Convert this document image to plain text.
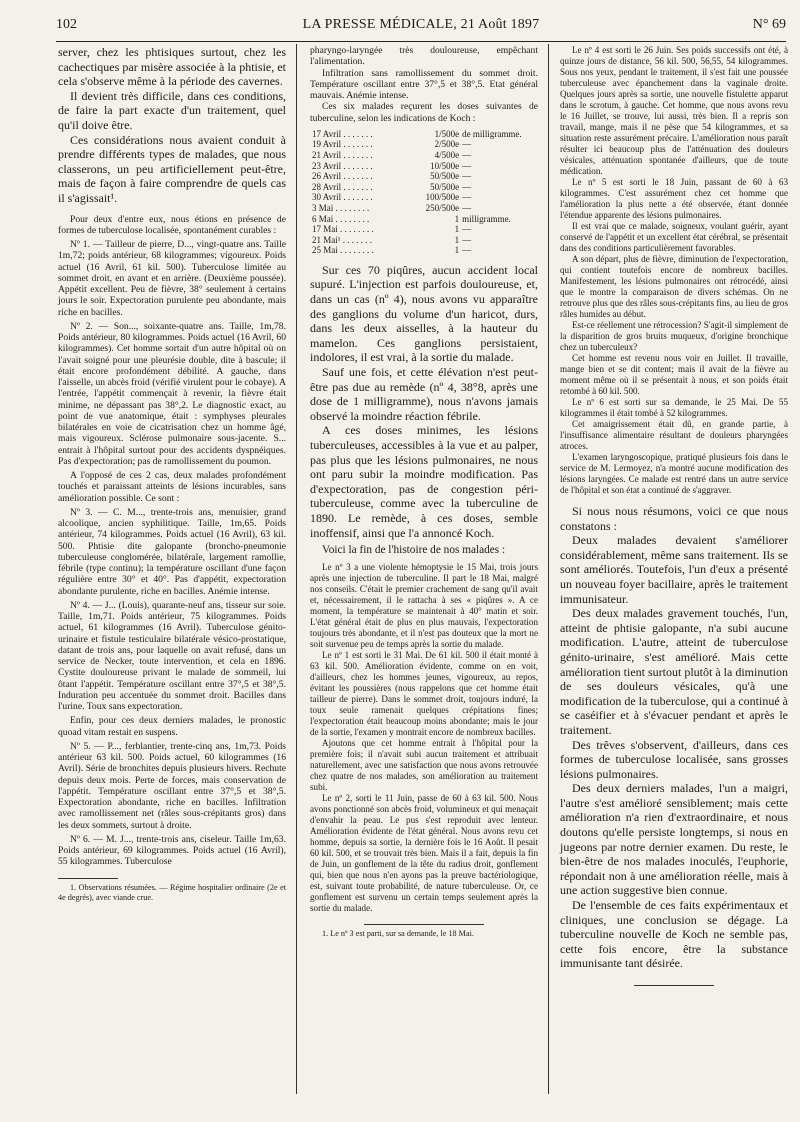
102	LA PRESSE MÉDICALE, 21 Août 1897	N° 69

server, chez les phtisiques surtout, chez les cachectiques par misère associée à la phtisie, et cela s'observe même à la période des cavernes.

Il devient très difficile, dans ces conditions, de faire la part exacte d'un traitement, quel qu'il doive être.

Ces considérations nous avaient conduit à prendre différents types de malades, que nous classerons, un peu artificiellement peut-être, mais de façon à faire comprendre de quels cas il s'agissait¹.

Pour deux d'entre eux, nous étions en présence de formes de tuberculose localisée, spontanément curables :

Nº 1. — Tailleur de pierre, D..., vingt-quatre ans. Taille 1m,72; poids antérieur, 68 kilogrammes; vigoureux. Poids actuel (16 Avril, 61 kil. 500). Tuberculose limitée au sommet droit, en avant et en arrière. (Deuxième poussée). Appétit excellent. Peu de fièvre, 38° seulement à certains jours le soir. Expectoration purulente peu abondante, mais riche en bacilles.

Nº 2. — Son..., soixante-quatre ans. Taille, 1m,78. Poids antérieur, 80 kilogrammes. Poids actuel (16 Avril, 60 kilogrammes). Cet homme sortait d'un autre hôpital où on l'avait soigné pour une pleurésie double, dite à bascule; il était encore profondément débilité. A gauche, dans l'aisselle, un abcès froid (vérifié virulent pour le cobaye). A l'entrée, l'appétit commençait à revenir, la fièvre était minime, ne dépassant pas 38°,2. Le diagnostic exact, au point de vue anatomique, était : symphyses pleurales bilatérales en voie de cicatrisation chez un homme âgé, mais vigoureux. Sclérose pulmonaire sous-jacente. S... entrait à l'hôpital surtout pour des accidents dyspnéiques. Pas d'expectoration; pas de ramollissement du poumon.

A l'opposé de ces 2 cas, deux malades profondément touchés et paraissant atteints de lésions incurables, sans amélioration possible. Ce sont :

Nº 3. — C. M..., trente-trois ans, menuisier, grand alcoolique, ancien syphilitique. Taille, 1m,65. Poids antérieur, 74 kilogrammes. Poids actuel (16 Avril), 63 kil. 500. Phtisie dite galopante (broncho-pneumonie tuberculeuse conglomérée, bilatérale, largement ramollie, fébrile (type continu); la température oscillant d'une façon régulière entre 30° et 40°. Pas d'appétit, expectoration abondante purulente, riche en bacilles. Anémie intense.

Nº 4. — J... (Louis), quarante-neuf ans, tisseur sur soie. Taille, 1m,71. Poids antérieur, 75 kilogrammes. Poids actuel, 61 kilogrammes (16 Avril). Tuberculose génito-urinaire et fistule testiculaire bilatérale vésico-prostatique, datant de trois ans, pour laquelle on avait refusé, dans un service de Necker, toute intervention, et cela en 1896. Cystite douloureuse privant le malade de sommeil, lui ôtant l'appétit. Température oscillant entre 37°,5 et 38°,5. Induration peu accentuée du sommet droit. Bacilles dans l'urine. Toux sans expectoration.

Enfin, pour ces deux derniers malades, le pronostic quoad vitam restait en suspens.

Nº 5. — P..., ferblantier, trente-cinq ans, 1m,73. Poids antérieur 63 kil. 500. Poids actuel, 60 kilogrammes (16 Avril). Série de bronchites depuis plusieurs hivers. Rechute depuis deux mois. Perte de forces, mais conservation de l'appétit. Température oscillant entre 37°,5 et 38°,5. Expectoration abondante, riche en bacilles. Infiltration avec ramollissement net (râles sous-crépitants gros) dans les deux sommets, surtout à droite.

Nº 6. — M. J..., trente-trois ans, ciseleur. Taille 1m,63. Poids antérieur, 69 kilogrammes. Poids actuel (16 Avril), 55 kilogrammes. Tuberculose

1. Observations résumées. — Régime hospitalier ordinaire (2e et 4e degrés), avec viande crue.

pharyngo-laryngée très douloureuse, empêchant l'alimentation.

Infiltration sans ramollissement du sommet droit. Température oscillant entre 37°,5 et 38°,5. Etat général mauvais. Anémie intense.

Ces six malades reçurent les doses suivantes de tuberculine, selon les indications de Koch :

17 Avril . . . . . . .	1/500e	de milligramme.
19 Avril . . . . . . .	2/500e	—
21 Avril . . . . . . .	4/500e	—
23 Avril . . . . . . .	10/500e	—
26 Avril . . . . . . .	50/500e	—
28 Avril . . . . . . .	50/500e	—
30 Avril . . . . . . .	100/500e	—
3 Mai . . . . . . . .	250/500e	—
6 Mai . . . . . . . .	1	milligramme.
17 Mai . . . . . . . .	1	—
21 Mai¹ . . . . . . .	1	—
25 Mai . . . . . . . .	1	—

Sur ces 70 piqûres, aucun accident local supuré. L'injection est parfois douloureuse, et, dans un cas (nº 4), nous avons vu apparaître des ganglions du volume d'un haricot, durs, dans les deux aisselles, à la hauteur du mamelon. Ces ganglions persistaient, indolores, il est vrai, à la sortie du malade.

Sauf une fois, et cette élévation n'est peut-être pas due au remède (nº 4, 38°8, après une dose de 1 milligramme), nous n'avons jamais observé la moindre réaction fébrile.

A ces doses minimes, les lésions tuberculeuses, accessibles à la vue et au palper, pas plus que les lésions pulmonaires, ne nous ont paru subir la moindre modification. Pas d'expectoration, pas de congestion péri-tuberculeuse, comme avec la tuberculine de 1890. Le remède, à ces doses, semble inoffensif, ainsi que l'a annoncé Koch.

Voici la fin de l'histoire de nos malades :

Le nº 3 a une violente hémoptysie le 15 Mai, trois jours après une injection de tuberculine. Il part le 18 Mai, malgré nos conseils. C'était le premier crachement de sang qu'il avait et, nécessairement, il le rattacha à ses « piqûres ». A ce moment, la température se maintenait à 40° matin et soir. L'état général était de plus en plus mauvais, l'expectoration toujours très abondante, et il n'est pas douteux que la mort ne soit survenue peu de temps après la sortie du malade.

Le nº 1 est sorti le 31 Mai. De 61 kil. 500 il était monté à 63 kil. 500. Amélioration évidente, comme on en voit, d'ailleurs, chez les hommes jeunes, vigoureux, au repos, évitant les poussières (nous rappelons que cet homme était tailleur de pierre). Dans le sommet droit, toujours induré, la toux seule ramenait quelques crépitations fines; l'expectoration était beaucoup moins abondante; mais le jour de la sortie, l'examen y montrait encore de nombreux bacilles.

Ajoutons que cet homme entrait à l'hôpital pour la première fois; il n'avait subi aucun traitement et attribuait naturellement, avec une satisfaction que nous avons retrouvée chez quatre de nos malades, son amélioration au traitement subi.

Le nº 2, sorti le 11 Juin, passe de 60 à 63 kil. 500. Nous avons ponctionné son abcès froid, volumineux et qui menaçait d'envahir la peau. Le pus s'est reproduit avec lenteur. Amélioration évidente de l'état général. Nous avons revu cet homme, depuis sa sortie, la dernière fois le 16 Août. Il pesait 60 kil. 500, et se trouvait très bien. Mais il a fait, depuis la fin de Juin, un gonflement de la tête du radius droit, gonflement qui, bien que nous n'en ayons pas la preuve bactériologique, est, suivant toute probabilité, de nature tuberculeuse. Or, ce gonflement est survenu un certain temps seulement après la sortie du malade.

1. Le nº 3 est parti, sur sa demande, le 18 Mai.

Le nº 4 est sorti le 26 Juin. Ses poids successifs ont été, à quinze jours de distance, 56 kil. 500, 56,55, 54 kilogrammes. Sous nos yeux, pendant le traitement, il s'est fait une poussée tuberculeuse avec épanchement dans la vaginale droite. Quelques jours après sa sortie, une nouvelle fistulette apparut dans le scrotum, à gauche. Cet homme, que nous avons revu le 16 Juillet, se trouve, lui aussi, très bien. Il a repris son travail, mange, mais il ne pèse que 54 kilogrammes, et sa situation reste assurément précaire. L'amélioration nous paraît résulter ici beaucoup plus de l'atténuation des douleurs vésicales, atténuation spontanée d'ailleurs, que de toute médication.

Le nº 5 est sorti le 18 Juin, passant de 60 à 63 kilogrammes. C'est assurément chez cet homme que l'amélioration la plus nette a été observée, étant donnée l'étendue apparente des lésions pulmonaires.

Il est vrai que ce malade, soigneux, voulant guérir, ayant conservé de l'appétit et un excellent état cérébral, se présentait dans des conditions particulièrement favorables.

A son départ, plus de fièvre, diminution de l'expectoration, qui contient toutefois encore de nombreux bacilles. Manifestement, les lésions pulmonaires ont rétrocédé, ainsi que le montre la comparaison de divers schémas. On ne retrouve plus que des râles sous-crépitants fins, au lieu de gros râles humides au début.

Est-ce réellement une rétrocession? S'agit-il simplement de la disparition de gros bruits muqueux, d'origine bronchique chez un tuberculeux?

Cet homme est revenu nous voir en Juillet. Il travaille, mange bien et se dit content; mais il avait de la fièvre au moment même où il se présentait à nous, et son poids était retombé à 60 kil. 500.

Le nº 6 est sorti sur sa demande, le 25 Mai. De 55 kilogrammes il était tombé à 52 kilogrammes.

Cet amaigrissement était dû, en grande partie, à l'insuffisance alimentaire résultant de douleurs pharyngées atroces.

L'examen laryngoscopique, pratiqué plusieurs fois dans le service de M. Lermoyez, n'a montré aucune modification des lésions laryngées. Ce malade est rentré dans un autre service de l'hôpital et son état a continué de s'aggraver.

Si nous nous résumons, voici ce que nous constatons :

Deux malades devaient s'améliorer considérablement, même sans traitement. Ils se sont améliorés. Toutefois, l'un d'eux a présenté un nouveau foyer bacillaire, après le traitement immunisateur.

Des deux malades gravement touchés, l'un, atteint de phtisie galopante, n'a subi aucune modification. L'autre, atteint de tuberculose génito-urinaire, s'est amélioré. Mais cette amélioration tient surtout plutôt à la diminution de ses douleurs vésicales, qu'à une modification de la tuberculose, qui a continué à se caséifier et à s'évacuer pendant et après le traitement.

Des trêves s'observent, d'ailleurs, dans ces formes de tuberculose localisée, sans grosses lésions pulmonaires.

Des deux derniers malades, l'un a maigri, l'autre s'est amélioré sensiblement; mais cette amélioration n'a rien d'extraordinaire, et nous doutons qu'elle persiste longtemps, si nous en jugeons par notre dernier examen. Du reste, le bien-être de nos malades inoculés, l'euphorie, répondait non à une amélioration réelle, mais à une action suggestive bien connue.

De l'ensemble de ces faits expérimentaux et cliniques, une conclusion se dégage. La tuberculine nouvelle de Koch ne semble pas, cette fois encore, être la substance immunisante tant désirée.
